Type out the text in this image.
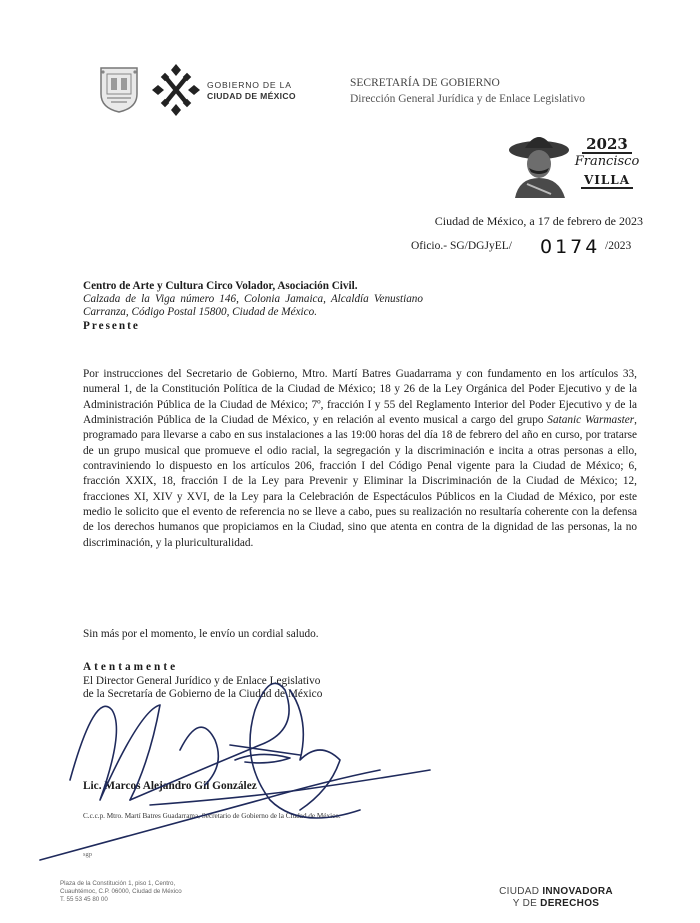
GOBIERNO DE LA
CIUDAD DE MÉXICO
SECRETARÍA DE GOBIERNO
Dirección General Jurídica y de Enlace Legislativo
2023
Francisco
VILLA
Ciudad de México, a 17 de febrero de 2023
Oficio.- SG/DGJyEL/ 0174 /2023
Centro de Arte y Cultura Circo Volador, Asociación Civil.
Calzada de la Viga número 146, Colonia Jamaica, Alcaldía Venustiano Carranza, Código Postal 15800, Ciudad de México.
Presente
Por instrucciones del Secretario de Gobierno, Mtro. Martí Batres Guadarrama y con fundamento en los artículos 33, numeral 1, de la Constitución Política de la Ciudad de México; 18 y 26 de la Ley Orgánica del Poder Ejecutivo y de la Administración Pública de la Ciudad de México; 7º, fracción I y 55 del Reglamento Interior del Poder Ejecutivo y de la Administración Pública de la Ciudad de México, y en relación al evento musical a cargo del grupo Satanic Warmaster, programado para llevarse a cabo en sus instalaciones a las 19:00 horas del día 18 de febrero del año en curso, por tratarse de un grupo musical que promueve el odio racial, la segregación y la discriminación e incita a otras personas a ello, contraviniendo lo dispuesto en los artículos 206, fracción I del Código Penal vigente para la Ciudad de México; 6, fracción XXIX, 18, fracción I de la Ley para Prevenir y Eliminar la Discriminación de la Ciudad de México; 12, fracciones XI, XIV y XVI, de la Ley para la Celebración de Espectáculos Públicos en la Ciudad de México, por este medio le solicito que el evento de referencia no se lleve a cabo, pues su realización no resultaría coherente con la defensa de los derechos humanos que propiciamos en la Ciudad, sino que atenta en contra de la dignidad de las personas, la no discriminación, y la pluriculturalidad.
Sin más por el momento, le envío un cordial saludo.
Atentamente
El Director General Jurídico y de Enlace Legislativo
de la Secretaría de Gobierno de la Ciudad de México
Lic. Marcos Alejandro Gil González
C.c.c.p. Mtro. Martí Batres Guadarrama, Secretario de Gobierno de la Ciudad de México.
sgp
Plaza de la Constitución 1, piso 1, Centro,
Cuauhtémoc, C.P. 06000, Ciudad de México
T. 55 53 45 80 00
CIUDAD INNOVADORA
Y DE DERECHOS
